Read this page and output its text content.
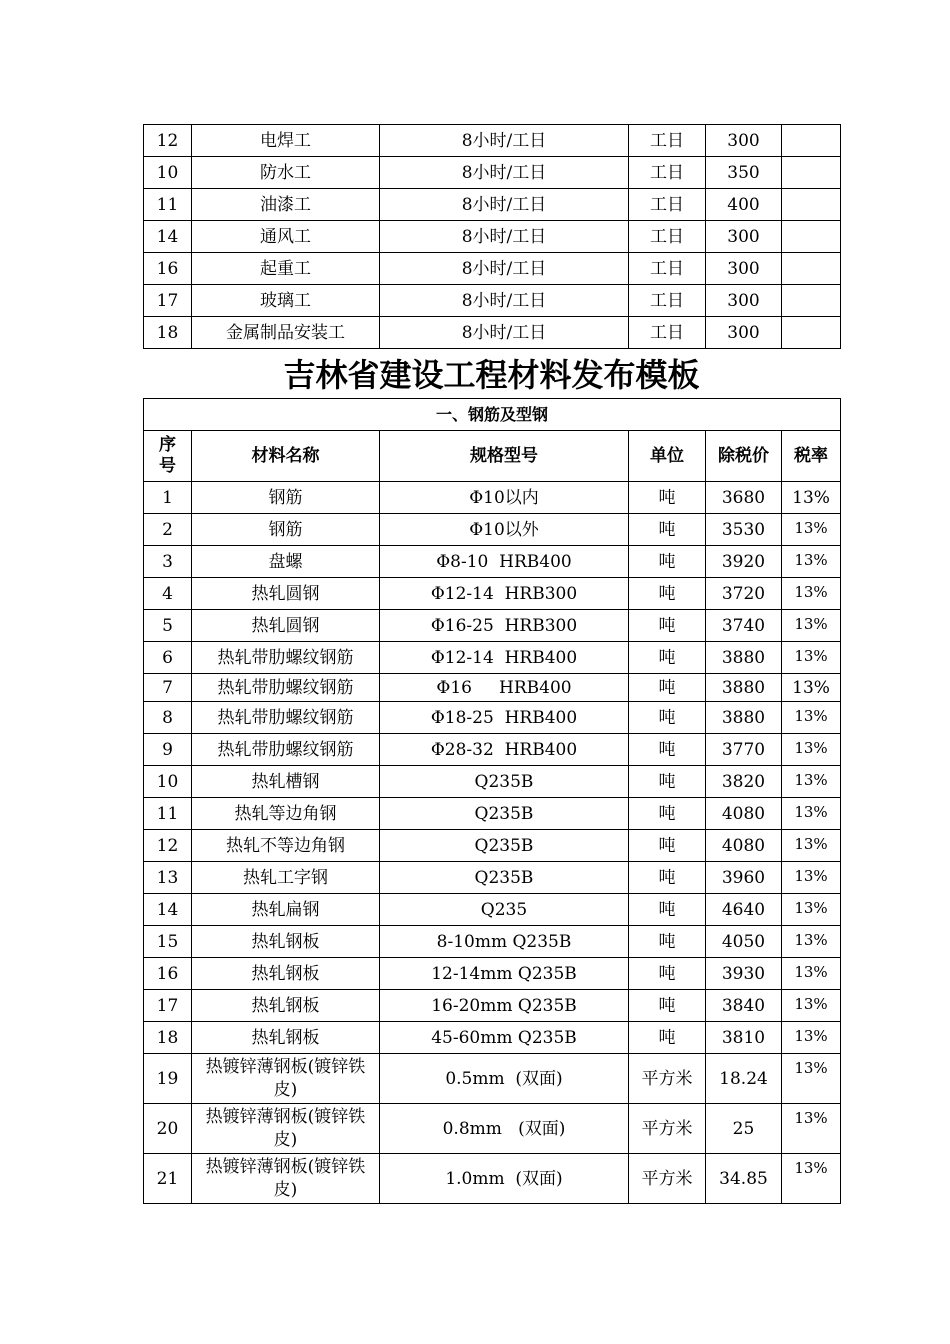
12	电焊工	8小时/工日	工日	300	
10	防水工	8小时/工日	工日	350	
11	油漆工	8小时/工日	工日	400	
14	通风工	8小时/工日	工日	300	
16	起重工	8小时/工日	工日	300	
17	玻璃工	8小时/工日	工日	300	
18	金属制品安装工	8小时/工日	工日	300	
吉林省建设工程材料发布模板
一、钢筋及型钢					
序号	材料名称	规格型号	单位	除税价	税率
1	钢筋	Φ10以内	吨	3680	13%
2	钢筋	Φ10以外	吨	3530	13%
3	盘螺	Φ8-10  HRB400	吨	3920	13%
4	热轧圆钢	Φ12-14  HRB300	吨	3720	13%
5	热轧圆钢	Φ16-25  HRB300	吨	3740	13%
6	热轧带肋螺纹钢筋	Φ12-14  HRB400	吨	3880	13%
7	热轧带肋螺纹钢筋	Φ16     HRB400	吨	3880	13%
8	热轧带肋螺纹钢筋	Φ18-25  HRB400	吨	3880	13%
9	热轧带肋螺纹钢筋	Φ28-32  HRB400	吨	3770	13%
10	热轧槽钢	Q235B	吨	3820	13%
11	热轧等边角钢	Q235B	吨	4080	13%
12	热轧不等边角钢	Q235B	吨	4080	13%
13	热轧工字钢	Q235B	吨	3960	13%
14	热轧扁钢	Q235	吨	4640	13%
15	热轧钢板	8-10mm Q235B	吨	4050	13%
16	热轧钢板	12-14mm Q235B	吨	3930	13%
17	热轧钢板	16-20mm Q235B	吨	3840	13%
18	热轧钢板	45-60mm Q235B	吨	3810	13%
19	热镀锌薄钢板(镀锌铁皮)	0.5mm  (双面)	平方米	18.24	13%
20	热镀锌薄钢板(镀锌铁皮)	0.8mm   (双面)	平方米	25	13%
21	热镀锌薄钢板(镀锌铁皮)	1.0mm  (双面)	平方米	34.85	13%
